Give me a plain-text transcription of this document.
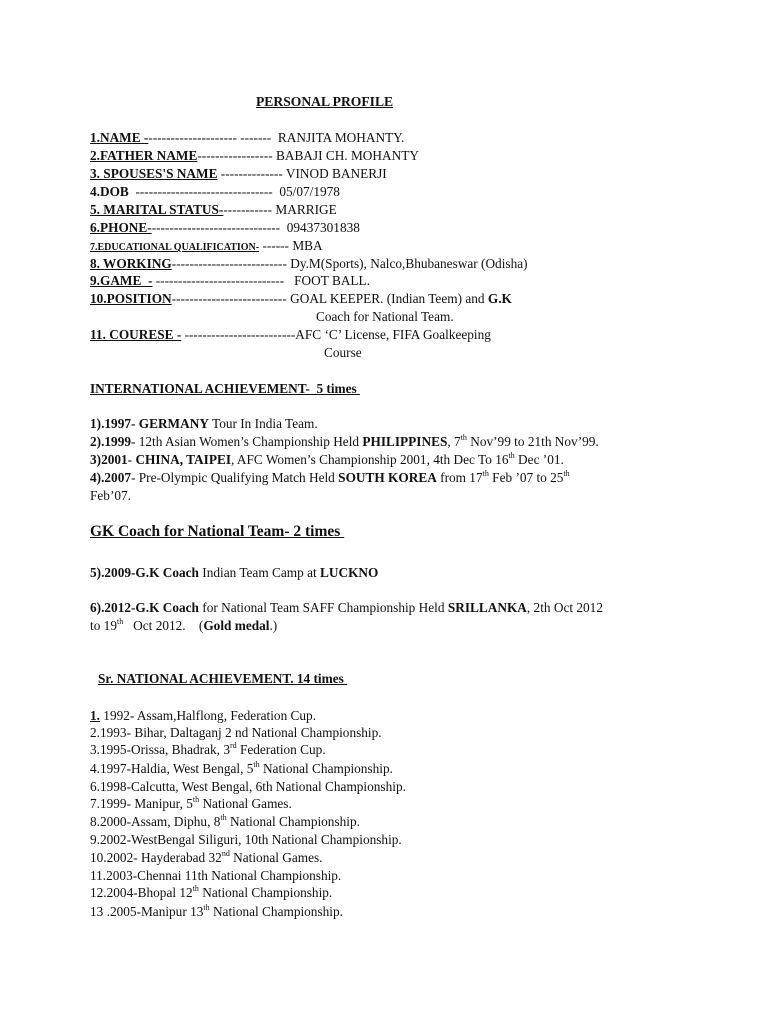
PERSONAL PROFILE
1.NAME --------------------- -------  RANJITA MOHANTY.
2.FATHER NAME----------------- BABAJI CH. MOHANTY
3. SPOUSES'S NAME -------------- VINOD BANERJI
4.DOB  -------------------------------  05/07/1978
5. MARITAL STATUS------------ MARRIGE
6.PHONE------------------------------  09437301838
7.EDUCATIONAL QUALIFICATION- ------ MBA
8. WORKING-------------------------- Dy.M(Sports), Nalco,Bhubaneswar (Odisha)
9.GAME  - -----------------------------   FOOT BALL.
10.POSITION-------------------------- GOAL KEEPER. (Indian Teem) and G.K
Coach for National Team.
11. COURESE - -------------------------AFC ‘C’ License, FIFA Goalkeeping
Course
INTERNATIONAL ACHIEVEMENT-  5 times
1).1997- GERMANY Tour In India Team.
2).1999- 12th Asian Women’s Championship Held PHILIPPINES, 7th Nov’99 to 21th Nov’99.
3)2001- CHINA, TAIPEI, AFC Women’s Championship 2001, 4th Dec To 16th Dec ’01.
4).2007- Pre-Olympic Qualifying Match Held SOUTH KOREA from 17th Feb ’07 to 25th
Feb’07.
GK Coach for National Team- 2 times
5).2009-G.K Coach Indian Team Camp at LUCKNO
6).2012-G.K Coach for National Team SAFF Championship Held SRILLANKA, 2th Oct 2012
to 19th   Oct 2012.    (Gold medal.)
Sr. NATIONAL ACHIEVEMENT. 14 times
1. 1992- Assam,Halflong, Federation Cup.
2.1993- Bihar, Daltaganj 2 nd National Championship.
3.1995-Orissa, Bhadrak, 3rd Federation Cup.
4.1997-Haldia, West Bengal, 5th National Championship.
6.1998-Calcutta, West Bengal, 6th National Championship.
7.1999- Manipur, 5th National Games.
8.2000-Assam, Diphu, 8th National Championship.
9.2002-WestBengal Siliguri, 10th National Championship.
10.2002- Hayderabad 32nd National Games.
11.2003-Chennai 11th National Championship.
12.2004-Bhopal 12th National Championship.
13 .2005-Manipur 13th National Championship.
